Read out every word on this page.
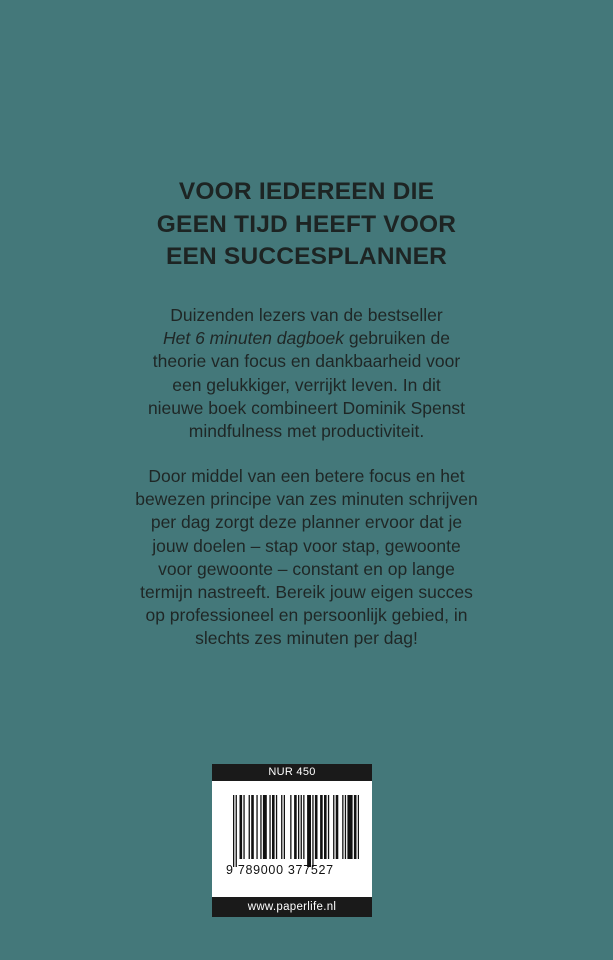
VOOR IEDEREEN DIE
GEEN TIJD HEEFT VOOR
EEN SUCCESPLANNER
Duizenden lezers van de bestseller
Het 6 minuten dagboek gebruiken de
theorie van focus en dankbaarheid voor
een gelukkiger, verrijkt leven. In dit
nieuwe boek combineert Dominik Spenst
mindfulness met productiviteit.
Door middel van een betere focus en het
bewezen principe van zes minuten schrijven
per dag zorgt deze planner ervoor dat je
jouw doelen – stap voor stap, gewoonte
voor gewoonte – constant en op lange
termijn nastreeft. Bereik jouw eigen succes
op professioneel en persoonlijk gebied, in
slechts zes minuten per dag!
NUR 450
9 789000 377527
www.paperlife.nl
